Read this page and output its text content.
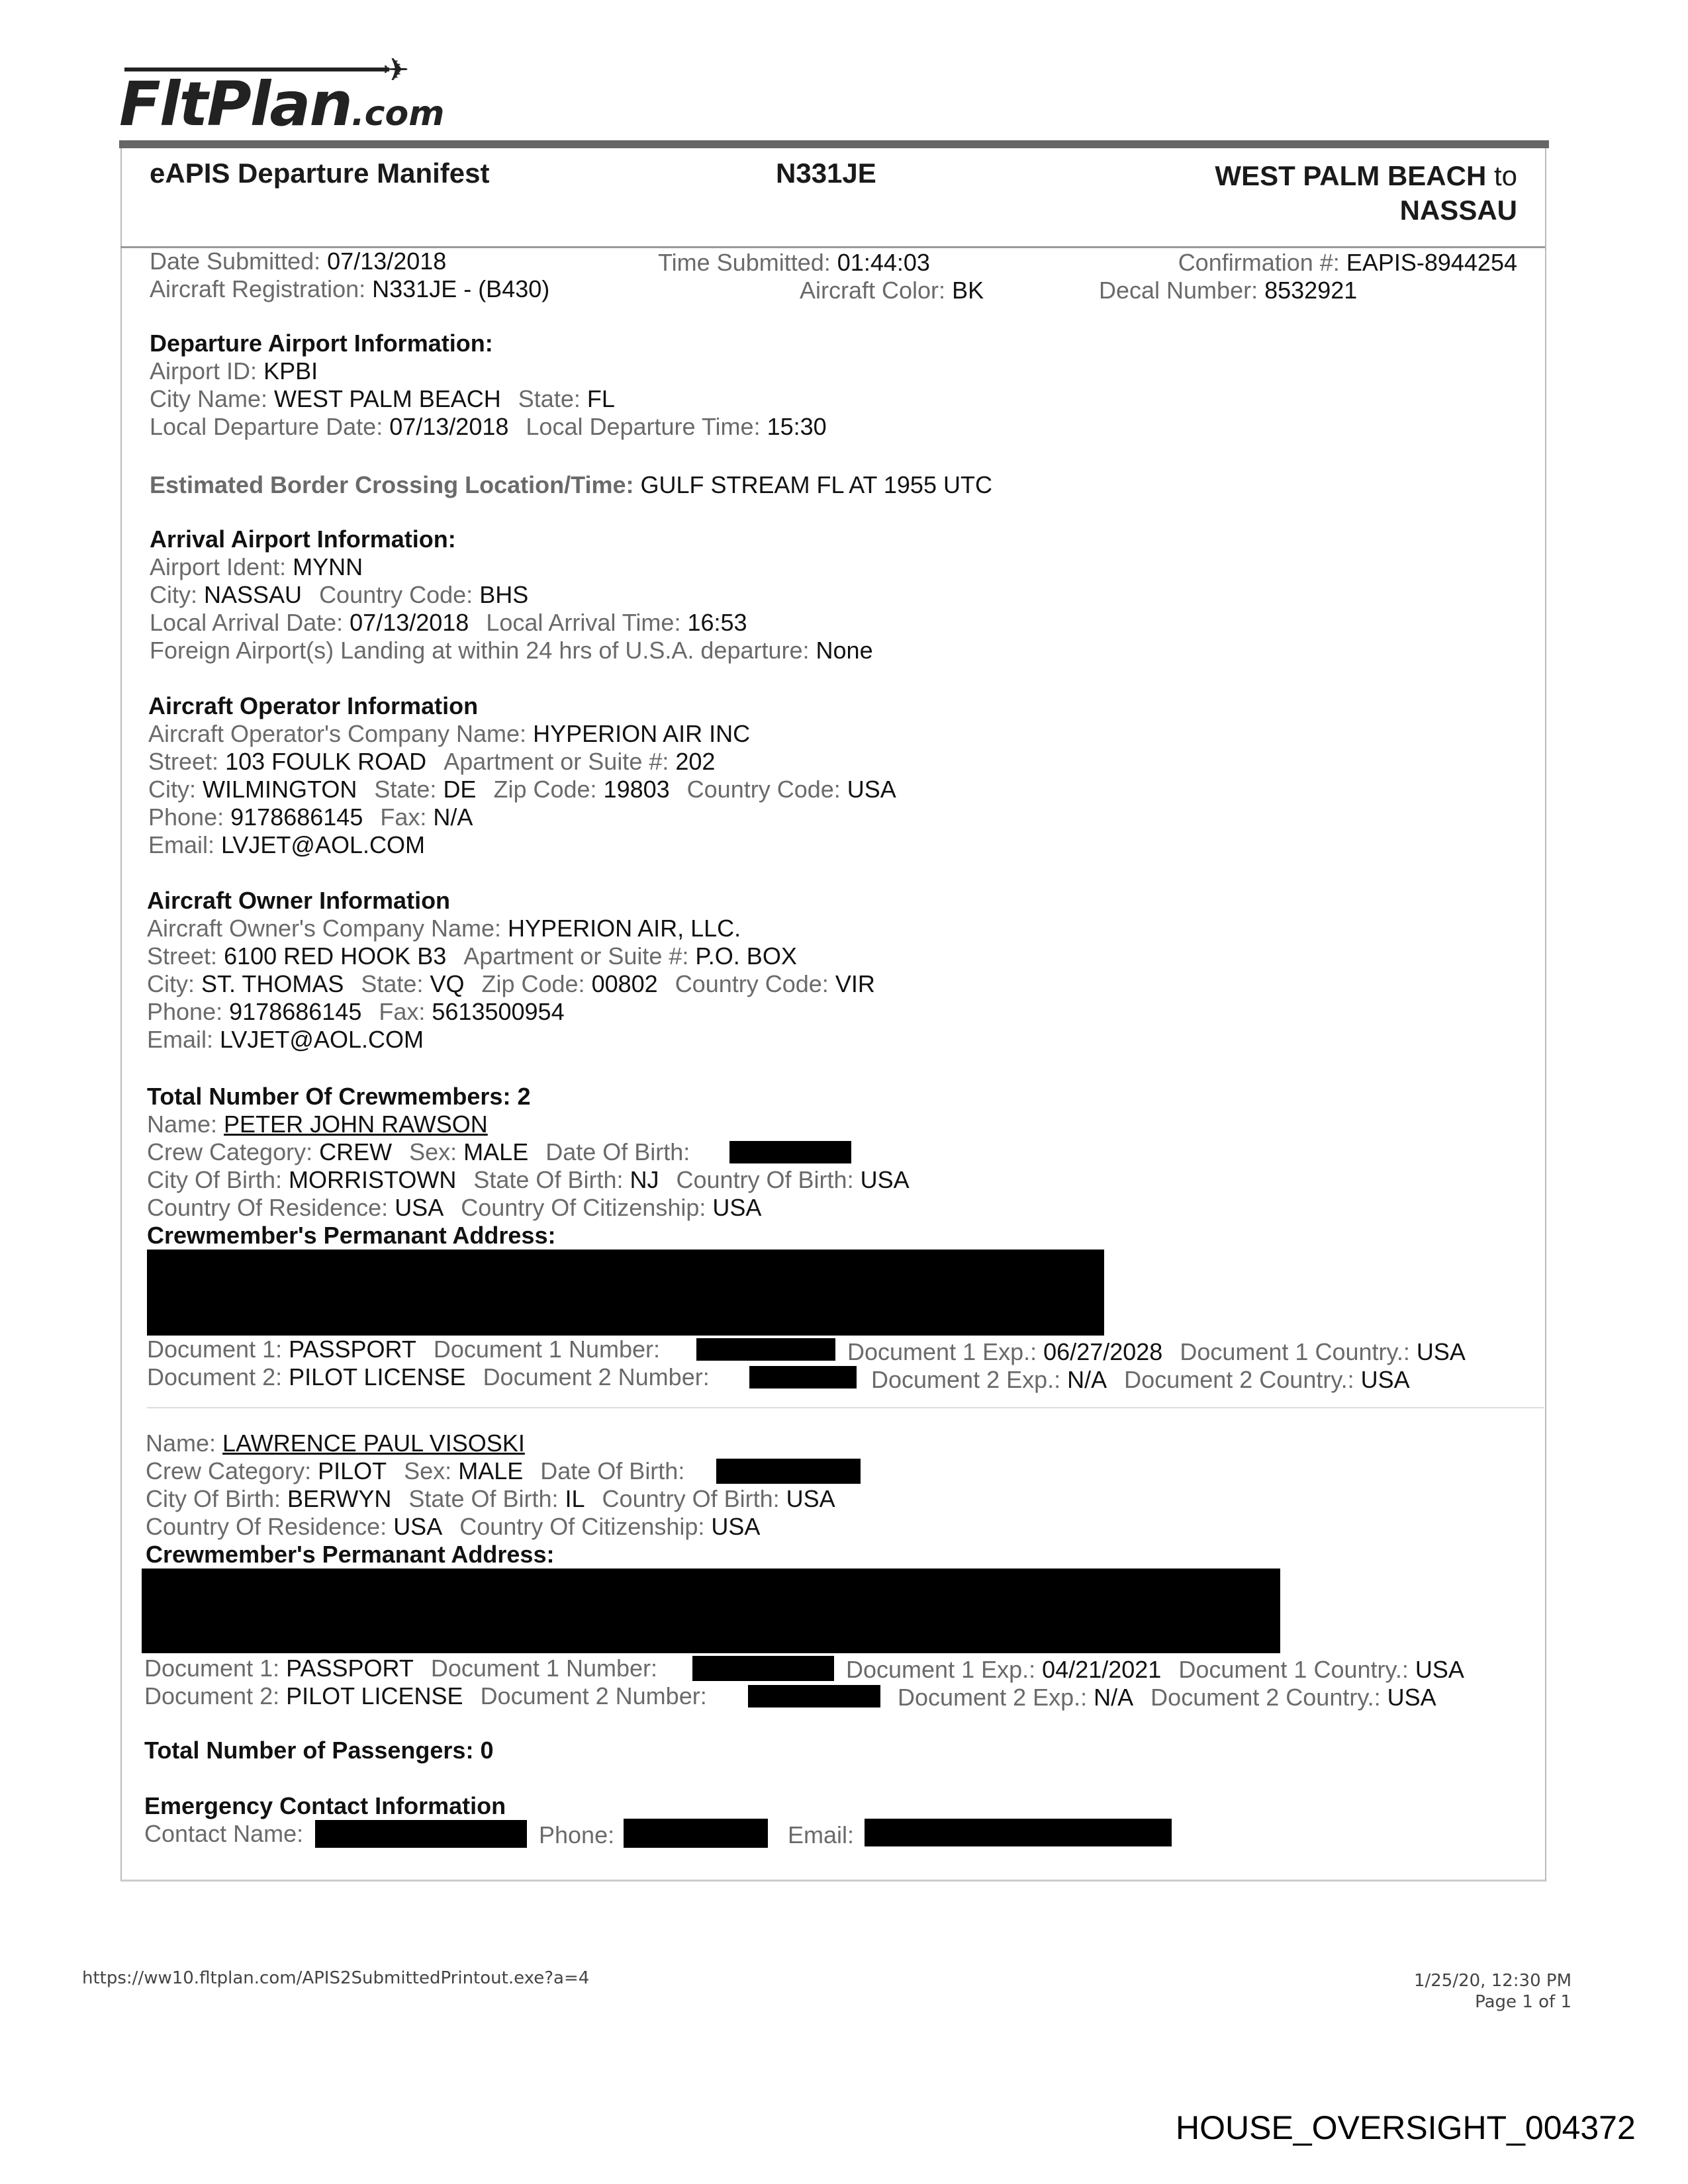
✈
FltPlan.com
eAPIS Departure Manifest	N331JE	WEST PALM BEACH to
NASSAU
Date Submitted: 07/13/2018	Time Submitted: 01:44:03	Confirmation #: EAPIS-8944254
Aircraft Registration: N331JE - (B430)	Aircraft Color: BK	Decal Number: 8532921
Departure Airport Information:
Airport ID: KPBI
City Name: WEST PALM BEACH State: FL
Local Departure Date: 07/13/2018 Local Departure Time: 15:30
Estimated Border Crossing Location/Time: GULF STREAM FL AT 1955 UTC
Arrival Airport Information:
Airport Ident: MYNN
City: NASSAU Country Code: BHS
Local Arrival Date: 07/13/2018 Local Arrival Time: 16:53
Foreign Airport(s) Landing at within 24 hrs of U.S.A. departure: None
Aircraft Operator Information
Aircraft Operator's Company Name: HYPERION AIR INC
Street: 103 FOULK ROAD Apartment or Suite #: 202
City: WILMINGTON State: DE Zip Code: 19803 Country Code: USA
Phone: 9178686145 Fax: N/A
Email: LVJET@AOL.COM
Aircraft Owner Information
Aircraft Owner's Company Name: HYPERION AIR, LLC.
Street: 6100 RED HOOK B3 Apartment or Suite #: P.O. BOX
City: ST. THOMAS State: VQ Zip Code: 00802 Country Code: VIR
Phone: 9178686145 Fax: 5613500954
Email: LVJET@AOL.COM
Total Number Of Crewmembers: 2
Name: PETER JOHN RAWSON
Crew Category: CREW Sex: MALE Date Of Birth:
City Of Birth: MORRISTOWN State Of Birth: NJ Country Of Birth: USA
Country Of Residence: USA Country Of Citizenship: USA
Crewmember's Permanant Address:
Document 1: PASSPORT Document 1 Number:	Document 1 Exp.: 06/27/2028 Document 1 Country.: USA
Document 2: PILOT LICENSE Document 2 Number:	Document 2 Exp.: N/A Document 2 Country.: USA
Name: LAWRENCE PAUL VISOSKI
Crew Category: PILOT Sex: MALE Date Of Birth:
City Of Birth: BERWYN State Of Birth: IL Country Of Birth: USA
Country Of Residence: USA Country Of Citizenship: USA
Crewmember's Permanant Address:
Document 1: PASSPORT Document 1 Number:	Document 1 Exp.: 04/21/2021 Document 1 Country.: USA
Document 2: PILOT LICENSE Document 2 Number:	Document 2 Exp.: N/A Document 2 Country.: USA
Total Number of Passengers: 0
Emergency Contact Information
Contact Name:	Phone:	Email:
https://ww10.fltplan.com/APIS2SubmittedPrintout.exe?a=4	1/25/20, 12:30 PM
Page 1 of 1
HOUSE_OVERSIGHT_004372
